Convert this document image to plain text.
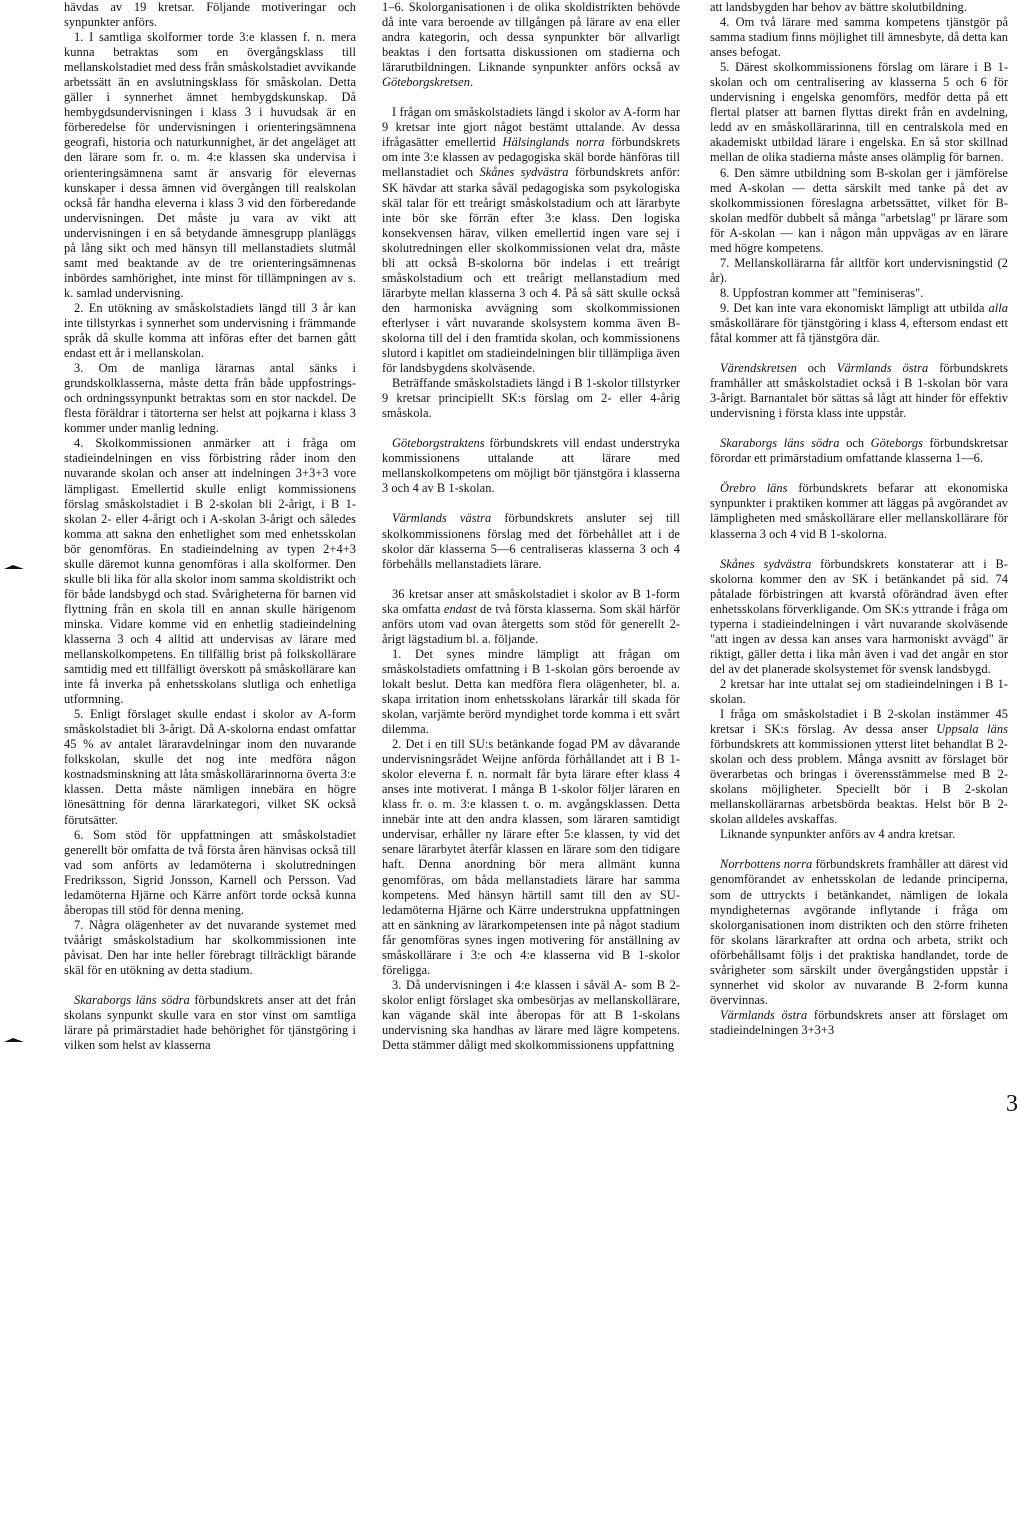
hävdas av 19 kretsar. Följande motiveringar och synpunkter anförs.

1. I samtliga skolformer torde 3:e klassen f. n. mera kunna betraktas som en övergångsklass till mellanskolstadiet med dess från småskolstadiet avvikande arbetssätt än en avslutningsklass för småskolan. Detta gäller i synnerhet ämnet hembygdskunskap. Då hembygdsundervisningen i klass 3 i huvudsak är en förberedelse för undervisningen i orienteringsämnena geografi, historia och naturkunnighet, är det angeläget att den lärare som fr. o. m. 4:e klassen ska undervisa i orienteringsämnena samt är ansvarig för elevernas kunskaper i dessa ämnen vid övergången till realskolan också får handha eleverna i klass 3 vid den förberedande undervisningen. Det måste ju vara av vikt att undervisningen i en så betydande ämnesgrupp planläggs på lång sikt och med hänsyn till mellanstadiets slutmål samt med beaktande av de tre orienteringsämnenas inbördes samhörighet, inte minst för tillämpningen av s. k. samlad undervisning.

2. En utökning av småskolstadiets längd till 3 år kan inte tillstyrkas i synnerhet som undervisning i främmande språk då skulle komma att införas efter det barnen gått endast ett år i mellanskolan.

3. Om de manliga lärarnas antal sänks i grundskolklasserna, måste detta från både uppfostrings- och ordningssynpunkt betraktas som en stor nackdel. De flesta föräldrar i tätorterna ser helst att pojkarna i klass 3 kommer under manlig ledning.

4. Skolkommissionen anmärker att i fråga om stadieindelningen en viss förbistring råder inom den nuvarande skolan och anser att indelningen 3+3+3 vore lämpligast. Emellertid skulle enligt kommissionens förslag småskolstadiet i B 2-skolan bli 2-årigt, i B 1-skolan 2- eller 4-årigt och i A-skolan 3-årigt och således komma att sakna den enhetlighet som med enhetsskolan bör genomföras. En stadieindelning av typen 2+4+3 skulle däremot kunna genomföras i alla skolformer. Den skulle bli lika för alla skolor inom samma skoldistrikt och för både landsbygd och stad. Svårigheterna för barnen vid flyttning från en skola till en annan skulle härigenom minska. Vidare komme vid en enhetlig stadieindelning klasserna 3 och 4 alltid att undervisas av lärare med mellanskolkompetens. En tillfällig brist på folkskollärare samtidig med ett tillfälligt överskott på småskollärare kan inte få inverka på enhetsskolans slutliga och enhetliga utformning.

5. Enligt förslaget skulle endast i skolor av A-form småskolstadiet bli 3-årigt. Då A-skolorna endast omfattar 45 % av antalet läraravdelningar inom den nuvarande folkskolan, skulle det nog inte medföra någon kostnadsminskning att låta småskollärarinnorna överta 3:e klassen. Detta måste nämligen innebära en högre lönesättning för denna lärarkategori, vilket SK också förutsätter.

6. Som stöd för uppfattningen att småskolstadiet generellt bör omfatta de två första åren hänvisas också till vad som anförts av ledamöterna i skolutredningen Fredriksson, Sigrid Jonsson, Karnell och Persson. Vad ledamöterna Hjärne och Kärre anfört torde också kunna åberopas till stöd för denna mening.

7. Några olägenheter av det nuvarande systemet med tvåårigt småskolstadium har skolkommissionen inte påvisat. Den har inte heller förebragt tillräckligt bärande skäl för en utökning av detta stadium.

Skaraborgs läns södra förbundskrets anser att det från skolans synpunkt skulle vara en stor vinst om samtliga lärare på primärstadiet hade behörighet för tjänstgöring i vilken som helst av klasserna

1–6. Skolorganisationen i de olika skoldistrikten behövde då inte vara beroende av tillgången på lärare av ena eller andra kategorin, och dessa synpunkter bör allvarligt beaktas i den fortsatta diskussionen om stadierna och lärarutbildningen. Liknande synpunkter anförs också av Göteborgskretsen.

I frågan om småskolstadiets längd i skolor av A-form har 9 kretsar inte gjort något bestämt uttalande. Av dessa ifrågasätter emellertid Hälsinglands norra förbundskrets om inte 3:e klassen av pedagogiska skäl borde hänföras till mellanstadiet och Skånes sydvästra förbundskrets anför: SK hävdar att starka såväl pedagogiska som psykologiska skäl talar för ett treårigt småskolstadium och att lärarbyte inte bör ske förrän efter 3:e klass. Den logiska konsekvensen härav, vilken emellertid ingen vare sej i skolutredningen eller skolkommissionen velat dra, måste bli att också B-skolorna bör indelas i ett treårigt småskolstadium och ett treårigt mellanstadium med lärarbyte mellan klasserna 3 och 4. På så sätt skulle också den harmoniska avvägning som skolkommissionen efterlyser i vårt nuvarande skolsystem komma även B-skolorna till del i den framtida skolan, och kommissionens slutord i kapitlet om stadieindelningen blir tillämpliga även för landsbygdens skolväsende.

Beträffande småskolstadiets längd i B 1-skolor tillstyrker 9 kretsar principiellt SK:s förslag om 2- eller 4-årig småskola.

Göteborgstraktens förbundskrets vill endast understryka kommissionens uttalande att lärare med mellanskolkompetens om möjligt bör tjänstgöra i klasserna 3 och 4 av B 1-skolan.

Värmlands västra förbundskrets ansluter sej till skolkommissionens förslag med det förbehållet att i de skolor där klasserna 5—6 centraliseras klasserna 3 och 4 förbehålls mellanstadiets lärare.

36 kretsar anser att småskolstadiet i skolor av B 1-form ska omfatta endast de två första klasserna. Som skäl härför anförs utom vad ovan återgetts som stöd för generellt 2-årigt lägstadium bl. a. följande.

1. Det synes mindre lämpligt att frågan om småskolstadiets omfattning i B 1-skolan görs beroende av lokalt beslut. Detta kan medföra flera olägenheter, bl. a. skapa irritation inom enhetsskolans lärarkår till skada för skolan, varjämte berörd myndighet torde komma i ett svårt dilemma.

2. Det i en till SU:s betänkande fogad PM av dåvarande undervisningsrådet Weijne anförda förhållandet att i B 1-skolor eleverna f. n. normalt får byta lärare efter klass 4 anses inte motiverat. I många B 1-skolor följer läraren en klass fr. o. m. 3:e klassen t. o. m. avgångsklassen. Detta innebär inte att den andra klassen, som läraren samtidigt undervisar, erhåller ny lärare efter 5:e klassen, ty vid det senare lärarbytet återfår klassen en lärare som den tidigare haft. Denna anordning bör mera allmänt kunna genomföras, om båda mellanstadiets lärare har samma kompetens. Med hänsyn härtill samt till den av SU-ledamöterna Hjärne och Kärre understrukna uppfattningen att en sänkning av lärarkompetensen inte på något stadium får genomföras synes ingen motivering för anställning av småskollärare i 3:e och 4:e klasserna vid B 1-skolor föreligga.

3. Då undervisningen i 4:e klassen i såväl A- som B 2-skolor enligt förslaget ska ombesörjas av mellanskollärare, kan vägande skäl inte åberopas för att B 1-skolans undervisning ska handhas av lärare med lägre kompetens. Detta stämmer dåligt med skolkommissionens uppfattning

att landsbygden har behov av bättre skolutbildning.

4. Om två lärare med samma kompetens tjänstgör på samma stadium finns möjlighet till ämnesbyte, då detta kan anses befogat.

5. Därest skolkommissionens förslag om lärare i B 1-skolan och om centralisering av klasserna 5 och 6 för undervisning i engelska genomförs, medför detta på ett flertal platser att barnen flyttas direkt från en avdelning, ledd av en småskollärarinna, till en centralskola med en akademiskt utbildad lärare i engelska. En så stor skillnad mellan de olika stadierna måste anses olämplig för barnen.

6. Den sämre utbildning som B-skolan ger i jämförelse med A-skolan — detta särskilt med tanke på det av skolkommissionen föreslagna arbetssättet, vilket för B-skolan medför dubbelt så många "arbetslag" pr lärare som för A-skolan — kan i någon mån uppvägas av en lärare med högre kompetens.

7. Mellanskollärarna får alltför kort undervisningstid (2 år).

8. Uppfostran kommer att "feminiseras".

9. Det kan inte vara ekonomiskt lämpligt att utbilda alla småskollärare för tjänstgöring i klass 4, eftersom endast ett fåtal kommer att få tjänstgöra där.

Värendskretsen och Värmlands östra förbundskrets framhåller att småskolstadiet också i B 1-skolan bör vara 3-årigt. Barnantalet bör sättas så lågt att hinder för effektiv undervisning i första klass inte uppstår.

Skaraborgs läns södra och Göteborgs förbundskretsar förordar ett primärstadium omfattande klasserna 1—6.

Örebro läns förbundskrets befarar att ekonomiska synpunkter i praktiken kommer att läggas på avgörandet av lämpligheten med småskollärare eller mellanskollärare för klasserna 3 och 4 vid B 1-skolorna.

Skånes sydvästra förbundskrets konstaterar att i B-skolorna kommer den av SK i betänkandet på sid. 74 påtalade förbistringen att kvarstå oförändrad även efter enhetsskolans förverkligande. Om SK:s yttrande i fråga om typerna i stadieindelningen i vårt nuvarande skolväsende "att ingen av dessa kan anses vara harmoniskt avvägd" är riktigt, gäller detta i lika mån även i vad det angår en stor del av det planerade skolsystemet för svensk landsbygd.

2 kretsar har inte uttalat sej om stadieindelningen i B 1-skolan.

I fråga om småskolstadiet i B 2-skolan instämmer 45 kretsar i SK:s förslag. Av dessa anser Uppsala läns förbundskrets att kommissionen ytterst litet behandlat B 2-skolan och dess problem. Många avsnitt av förslaget bör överarbetas och bringas i överensstämmelse med B 2-skolans möjligheter. Speciellt bör i B 2-skolan mellanskollärarnas arbetsbörda beaktas. Helst bör B 2-skolan alldeles avskaffas.

Liknande synpunkter anförs av 4 andra kretsar.

Norrbottens norra förbundskrets framhåller att därest vid genomförandet av enhetsskolan de ledande principerna, som de uttryckts i betänkandet, nämligen de lokala myndigheternas avgörande inflytande i fråga om skolorganisationen inom distrikten och den större friheten för skolans lärarkrafter att ordna och arbeta, strikt och oförbehållsamt följs i det praktiska handlandet, torde de svårigheter som särskilt under övergångstiden uppstår i synnerhet vid skolor av nuvarande B 2-form kunna övervinnas.

Värmlands östra förbundskrets anser att förslaget om stadieindelningen 3+3+3

3
